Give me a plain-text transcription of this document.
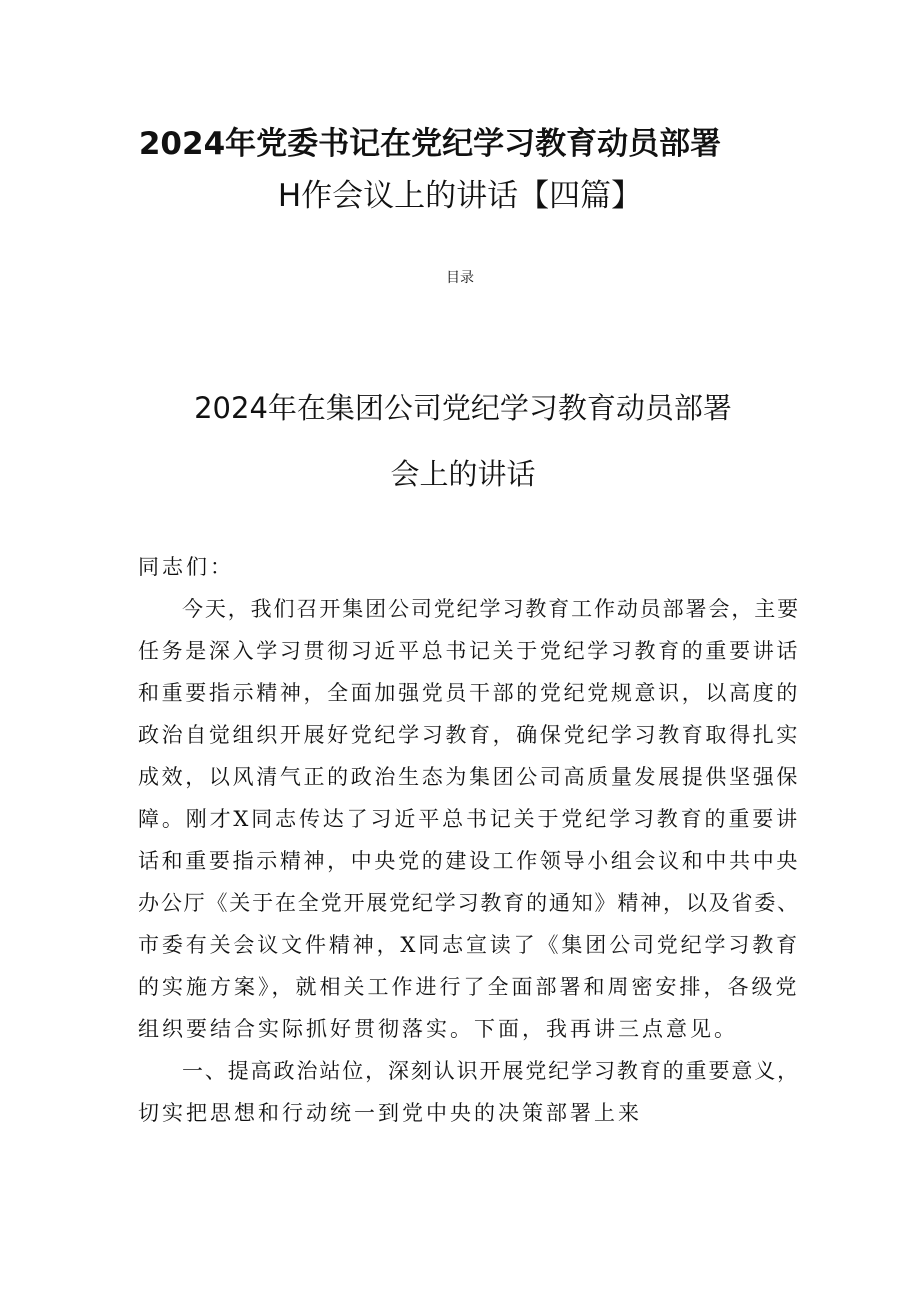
2024年党委书记在党纪学习教育动员部署
H作会议上的讲话【四篇】
目录
2024年在集团公司党纪学习教育动员部署
会上的讲话
同志们：
今天，我们召开集团公司党纪学习教育工作动员部署会，主要
任务是深入学习贯彻习近平总书记关于党纪学习教育的重要讲话
和重要指示精神，全面加强党员干部的党纪党规意识，以高度的
政治自觉组织开展好党纪学习教育，确保党纪学习教育取得扎实
成效，以风清气正的政治生态为集团公司高质量发展提供坚强保
障。刚才X同志传达了习近平总书记关于党纪学习教育的重要讲
话和重要指示精神，中央党的建设工作领导小组会议和中共中央
办公厅《关于在全党开展党纪学习教育的通知》精神，以及省委、
市委有关会议文件精神，X同志宣读了《集团公司党纪学习教育
的实施方案》，就相关工作进行了全面部署和周密安排，各级党
组织要结合实际抓好贯彻落实。下面，我再讲三点意见。
一、提高政治站位，深刻认识开展党纪学习教育的重要意义，
切实把思想和行动统一到党中央的决策部署上来
